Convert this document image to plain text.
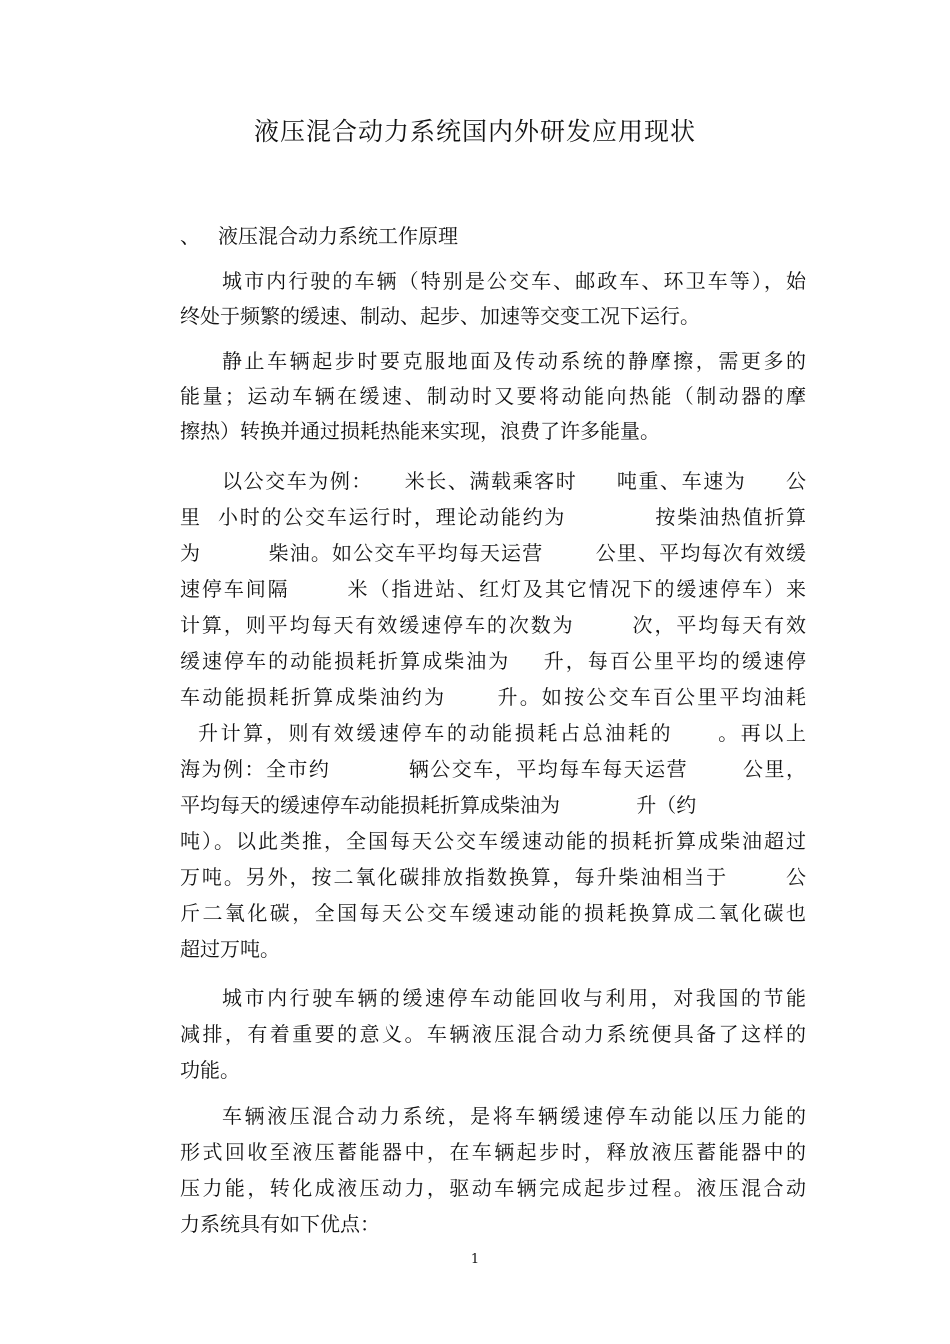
液压混合动力系统国内外研发应用现状
、 液压混合动力系统工作原理
城市内行驶的车辆（特别是公交车、邮政车、环卫车等），始
终处于频繁的缓速、制动、起步、加速等交变工况下运行。
静止车辆起步时要克服地面及传动系统的静摩擦，需更多的
能量；运动车辆在缓速、制动时又要将动能向热能（制动器的摩
擦热）转换并通过损耗热能来实现，浪费了许多能量。
以公交车为例：    米长、满载乘客时     吨重、车速为     公
里  小时的公交车运行时，理论动能约为           按柴油热值折算
为         柴油。如公交车平均每天运营       公里、平均每次有效缓
速停车间隔       米（指进站、红灯及其它情况下的缓速停车）来
计算，则平均每天有效缓速停车的次数为       次，平均每天有效
缓速停车的动能损耗折算成柴油为    升，每百公里平均的缓速停
车动能损耗折算成柴油约为      升。如按公交车百公里平均油耗
升计算，则有效缓速停车的动能损耗占总油耗的     。再以上
海为例：全市约          辆公交车，平均每车每天运营       公里，
平均每天的缓速停车动能损耗折算成柴油为            升（约
吨）。以此类推，全国每天公交车缓速动能的损耗折算成柴油超过
万吨。另外，按二氧化碳排放指数换算，每升柴油相当于       公
斤二氧化碳，全国每天公交车缓速动能的损耗换算成二氧化碳也
超过万吨。
城市内行驶车辆的缓速停车动能回收与利用，对我国的节能
减排，有着重要的意义。车辆液压混合动力系统便具备了这样的
功能。
车辆液压混合动力系统，是将车辆缓速停车动能以压力能的
形式回收至液压蓄能器中，在车辆起步时，释放液压蓄能器中的
压力能，转化成液压动力，驱动车辆完成起步过程。液压混合动
力系统具有如下优点：
1
